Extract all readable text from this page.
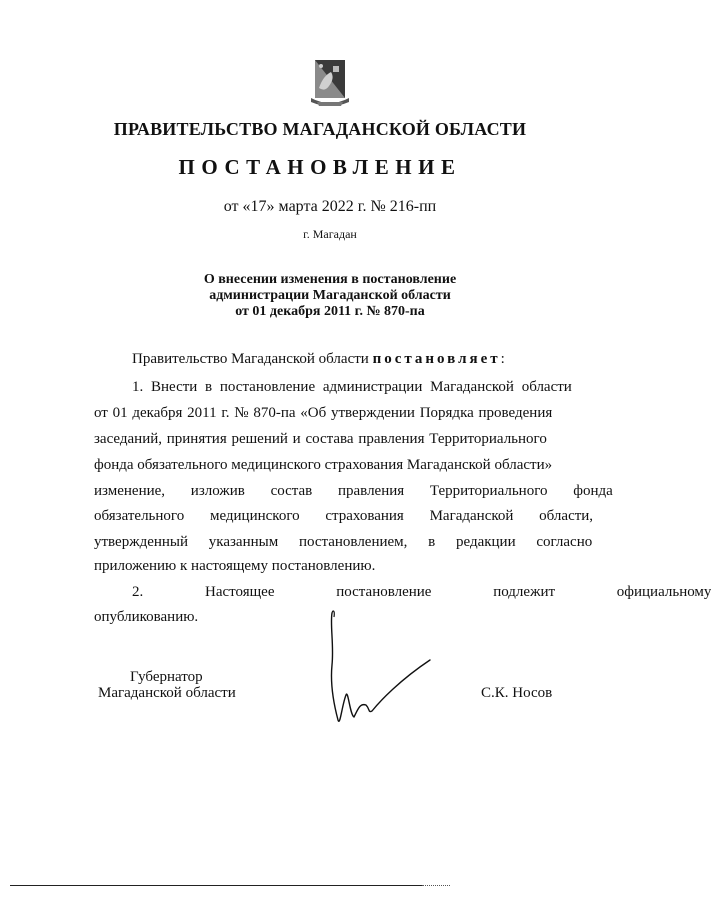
ПРАВИТЕЛЬСТВО МАГАДАНСКОЙ ОБЛАСТИ
ПОСТАНОВЛЕНИЕ
от «17» марта 2022 г. № 216-пп
г. Магадан
О внесении изменения в постановление
администрации Магаданской области
от 01 декабря 2011 г. № 870-па
Правительство Магаданской области постановляет:
1. Внести в постановление администрации Магаданской области
от 01 декабря 2011 г. № 870-па «Об утверждении Порядка проведения
заседаний, принятия решений и состава правления Территориального
фонда обязательного медицинского страхования Магаданской области»
изменение, изложив состав правления Территориального фонда
обязательного медицинского страхования Магаданской области,
утвержденный указанным постановлением, в редакции согласно
приложению к настоящему постановлению.
2. Настоящее постановление подлежит официальному
опубликованию.
Губернатор
Магаданской области	С.К. Носов
